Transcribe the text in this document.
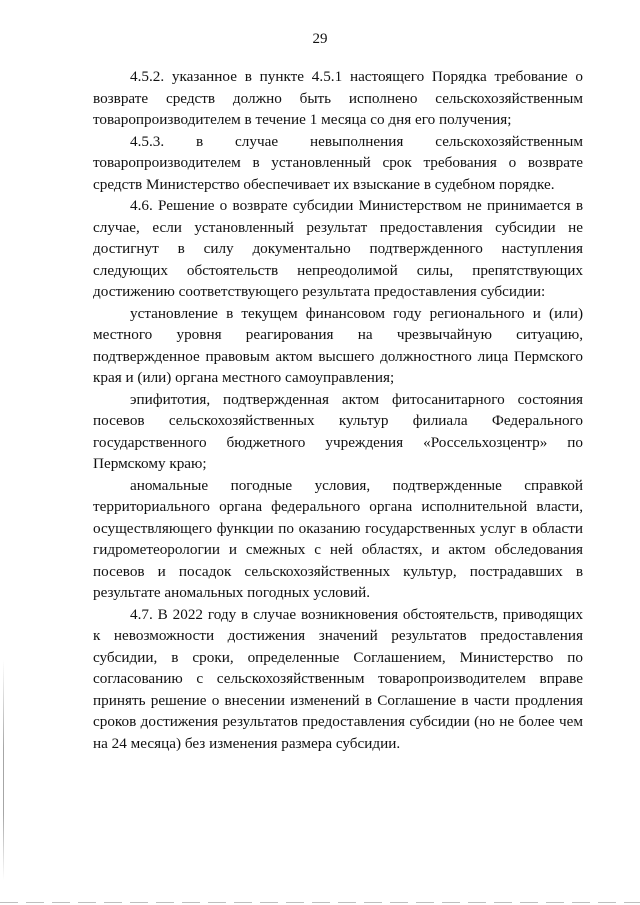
29

4.5.2. указанное в пункте 4.5.1 настоящего Порядка требование о возврате средств должно быть исполнено сельскохозяйственным товаропроизводителем в течение 1 месяца со дня его получения;

4.5.3. в случае невыполнения сельскохозяйственным товаропроизводителем в установленный срок требования о возврате средств Министерство обеспечивает их взыскание в судебном порядке.

4.6. Решение о возврате субсидии Министерством не принимается в случае, если установленный результат предоставления субсидии не достигнут в силу документально подтвержденного наступления следующих обстоятельств непреодолимой силы, препятствующих достижению соответствующего результата предоставления субсидии:

установление в текущем финансовом году регионального и (или) местного уровня реагирования на чрезвычайную ситуацию, подтвержденное правовым актом высшего должностного лица Пермского края и (или) органа местного самоуправления;

эпифитотия, подтвержденная актом фитосанитарного состояния посевов сельскохозяйственных культур филиала Федерального государственного бюджетного учреждения «Россельхозцентр» по Пермскому краю;

аномальные погодные условия, подтвержденные справкой территориального органа федерального органа исполнительной власти, осуществляющего функции по оказанию государственных услуг в области гидрометеорологии и смежных с ней областях, и актом обследования посевов и посадок сельскохозяйственных культур, пострадавших в результате аномальных погодных условий.

4.7. В 2022 году в случае возникновения обстоятельств, приводящих к невозможности достижения значений результатов предоставления субсидии, в сроки, определенные Соглашением, Министерство по согласованию с сельскохозяйственным товаропроизводителем вправе принять решение о внесении изменений в Соглашение в части продления сроков достижения результатов предоставления субсидии (но не более чем на 24 месяца) без изменения размера субсидии.
